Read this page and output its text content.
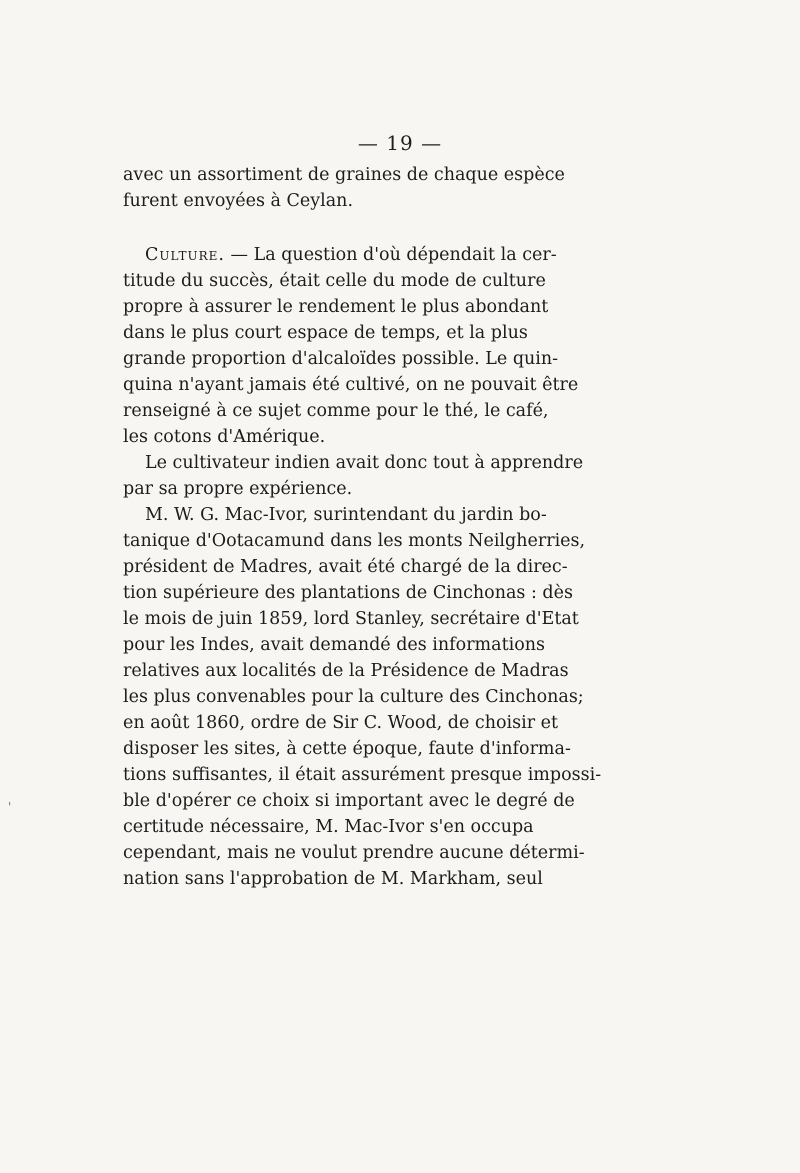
— 19 —
avec un assortiment de graines de chaque espèce
furent envoyées à Ceylan.
Culture. — La question d'où dépendait la cer-
titude du succès, était celle du mode de culture
propre à assurer le rendement le plus abondant
dans le plus court espace de temps, et la plus
grande proportion d'alcaloïdes possible. Le quin-
quina n'ayant jamais été cultivé, on ne pouvait être
renseigné à ce sujet comme pour le thé, le café,
les cotons d'Amérique.
Le cultivateur indien avait donc tout à apprendre
par sa propre expérience.
M. W. G. Mac-Ivor, surintendant du jardin bo-
tanique d'Ootacamund dans les monts Neilgherries,
président de Madres, avait été chargé de la direc-
tion supérieure des plantations de Cinchonas : dès
le mois de juin 1859, lord Stanley, secrétaire d'Etat
pour les Indes, avait demandé des informations
relatives aux localités de la Présidence de Madras
les plus convenables pour la culture des Cinchonas;
en août 1860, ordre de Sir C. Wood, de choisir et
disposer les sites, à cette époque, faute d'informa-
tions suffisantes, il était assurément presque impossi-
ble d'opérer ce choix si important avec le degré de
certitude nécessaire, M. Mac-Ivor s'en occupa
cependant, mais ne voulut prendre aucune détermi-
nation sans l'approbation de M. Markham, seul
'
